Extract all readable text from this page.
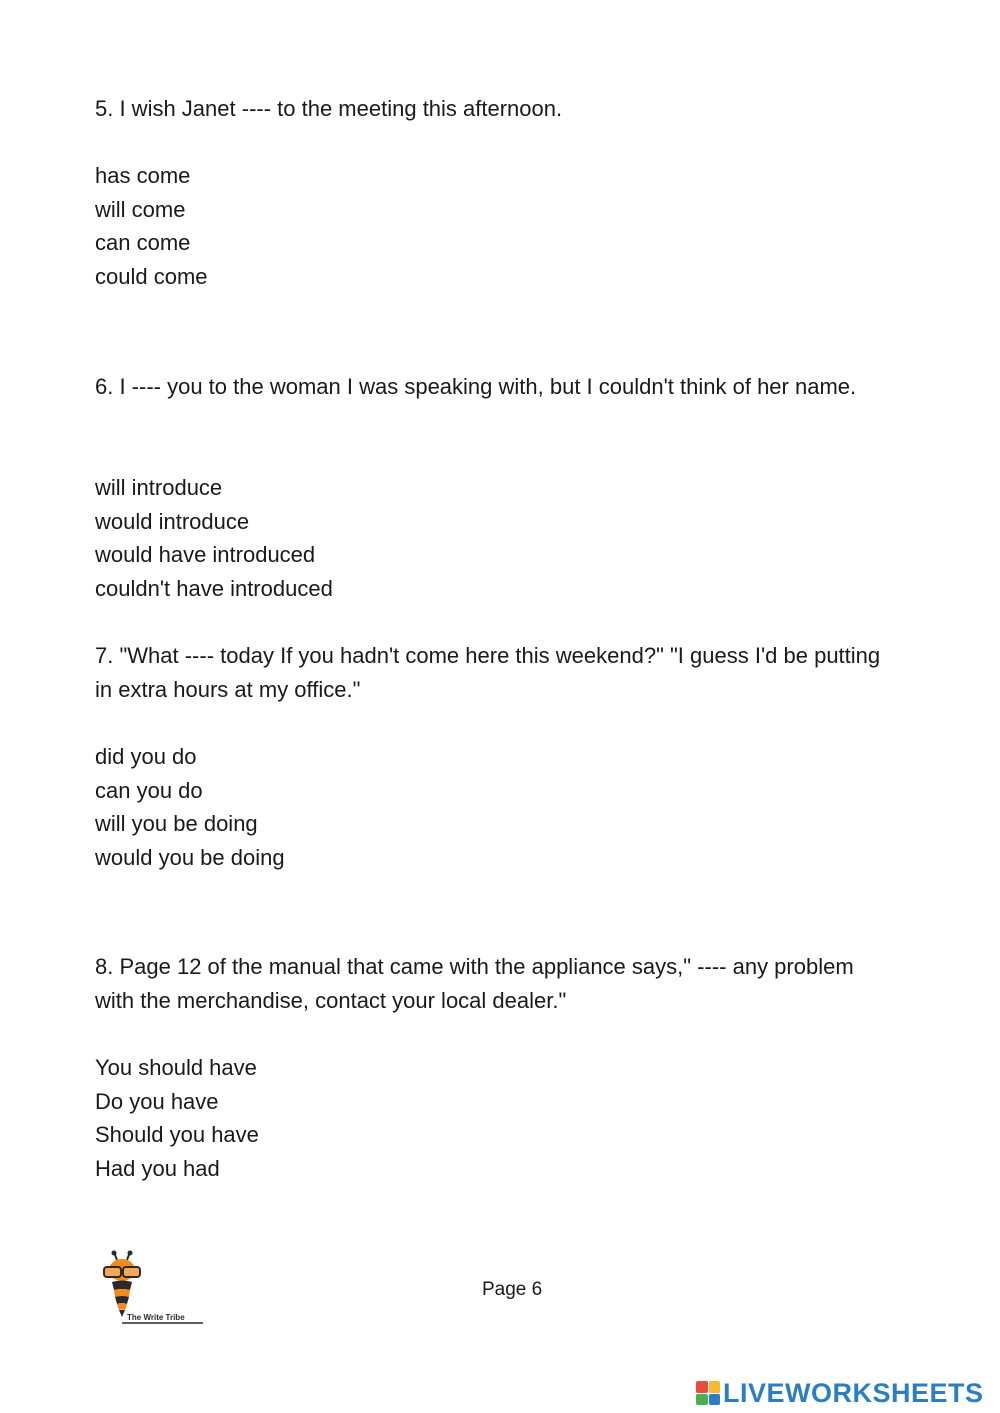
5. I wish Janet ---- to the meeting this afternoon.

has come
will come
can come
could come

6. I ---- you to the woman I was speaking with, but I couldn't think of her name.

will introduce
would introduce
would have introduced
couldn't have introduced

7. "What ---- today If you hadn't come here this weekend?" "I guess I'd be putting in extra hours at my office."

did you do
can you do
will you be doing
would you be doing

8. Page 12 of the manual that came with the appliance says," ---- any problem with the merchandise, contact your local dealer."

You should have
Do you have
Should you have
Had you had
The Write Tribe
Page 6
LIVEWORKSHEETS
